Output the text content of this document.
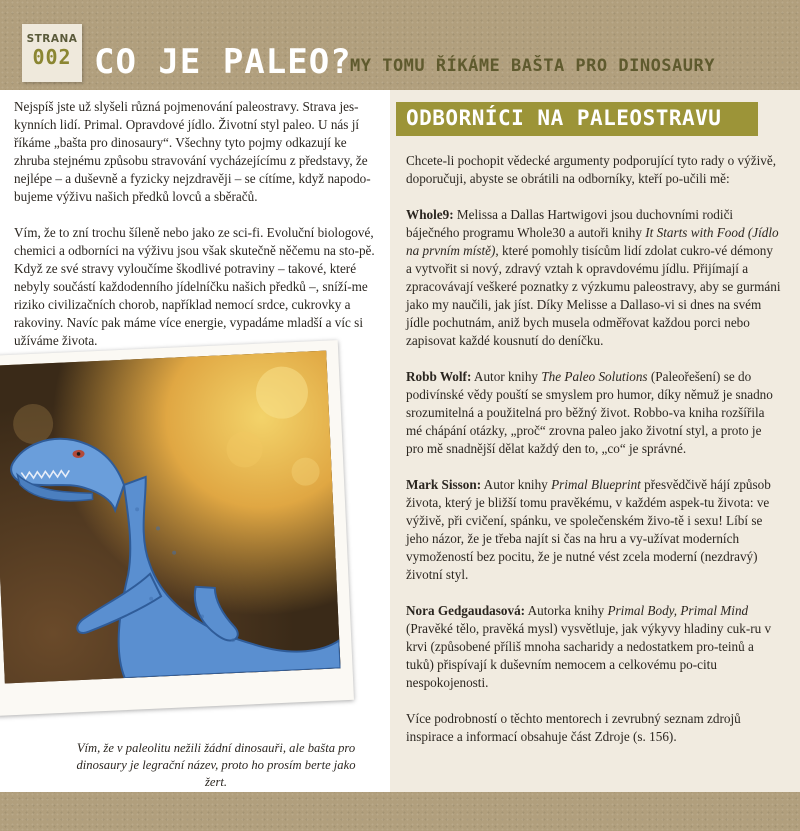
STRANA
002 CO JE PALEO?
MY TOMU ŘÍKÁME BAŠTA PRO DINOSAURY

Nejspíš jste už slyšeli různá pojmenování paleostravy. Strava jes-kynních lidí. Primal. Opravdové jídlo. Životní styl paleo. U nás jí říkáme „bašta pro dinosaury“. Všechny tyto pojmy odkazují ke zhruba stejnému způsobu stravování vycházejícímu z představy, že nejlépe – a duševně a fyzicky nejzdravěji – se cítíme, když napodo-bujeme výživu našich předků lovců a sběračů.

Vím, že to zní trochu šíleně nebo jako ze sci-fi. Evoluční biologové, chemici a odborníci na výživu jsou však skutečně něčemu na sto-pě. Když ze své stravy vyloučíme škodlivé potraviny – takové, které nebyly součástí každodenního jídelníčku našich předků –, sníží-me riziko civilizačních chorob, například nemocí srdce, cukrovky a rakoviny. Navíc pak máme více energie, vypadáme mladší a víc si užíváme života.

Vím, že v paleolitu nežili žádní dinosauři, ale bašta pro dinosaury je legrační název, proto ho prosím berte jako žert.

Chcete-li pochopit vědecké argumenty podporující tyto rady o výživě, doporučuji, abyste se obrátili na odborníky, kteří po-učili mě:

Whole9: Melissa a Dallas Hartwigovi jsou duchovními rodiči báječného programu Whole30 a autoři knihy It Starts with Food (Jídlo na prvním místě), které pomohly tisícům lidí zdolat cukro-vé démony a vytvořit si nový, zdravý vztah k opravdovému jídlu. Přijímají a zpracovávají veškeré poznatky z výzkumu paleostravy, aby se gurmáni jako my naučili, jak jíst. Díky Melisse a Dallaso-vi si dnes na svém jídle pochutnám, aniž bych musela odměřovat každou porci nebo zapisovat každé kousnutí do deníčku.

Robb Wolf: Autor knihy The Paleo Solutions (Paleořešení) se do podivínské vědy pouští se smyslem pro humor, díky němuž je snadno srozumitelná a použitelná pro běžný život. Robbo-va kniha rozšířila mé chápání otázky, „proč“ zrovna paleo jako životní styl, a proto je pro mě snadnější dělat každý den to, „co“ je správné.

Mark Sisson: Autor knihy Primal Blueprint přesvědčivě hájí způsob života, který je bližší tomu pravěkému, v každém aspek-tu života: ve výživě, při cvičení, spánku, ve společenském živo-tě i sexu! Líbí se jeho názor, že je třeba najít si čas na hru a vy-užívat moderních vymožeností bez pocitu, že je nutné vést zcela moderní (nezdravý) životní styl.

Nora Gedgaudasová: Autorka knihy Primal Body, Primal Mind (Pravěké tělo, pravěká mysl) vysvětluje, jak výkyvy hladiny cuk-ru v krvi (způsobené příliš mnoha sacharidy a nedostatkem pro-teinů a tuků) přispívají k duševním nemocem a celkovému po-citu nespokojenosti.

Více podrobností o těchto mentorech i zevrubný seznam zdrojů inspirace a informací obsahuje část Zdroje (s. 156).

ODBORNÍCI NA PALEOSTRAVU
